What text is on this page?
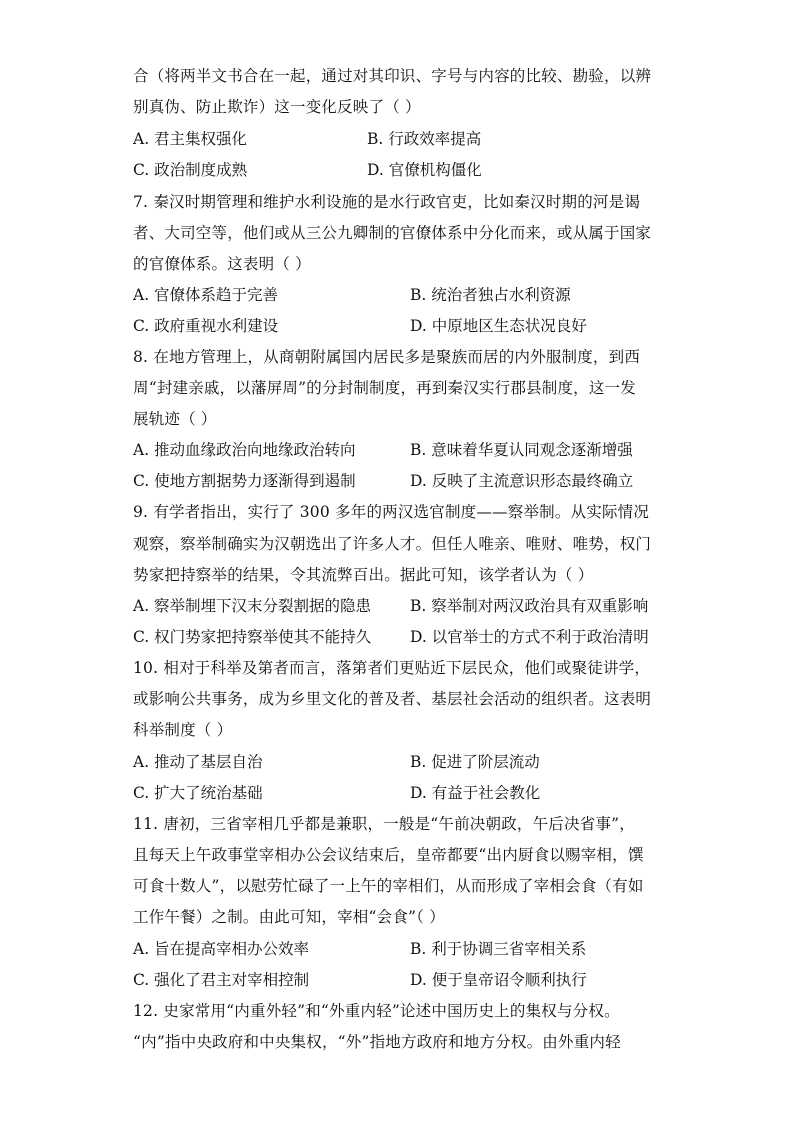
合（将两半文书合在一起，通过对其印识、字号与内容的比较、勘验，以辨
别真伪、防止欺诈）这一变化反映了（ ）
A. 君主集权强化	B. 行政效率提高
C. 政治制度成熟	D. 官僚机构僵化
7. 秦汉时期管理和维护水利设施的是水行政官吏，比如秦汉时期的河是谒
者、大司空等，他们或从三公九卿制的官僚体系中分化而来，或从属于国家
的官僚体系。这表明（ ）
A. 官僚体系趋于完善	B. 统治者独占水利资源
C. 政府重视水利建设	D. 中原地区生态状况良好
8. 在地方管理上，从商朝附属国内居民多是聚族而居的内外服制度，到西
周“封建亲戚，以藩屏周”的分封制制度，再到秦汉实行郡县制度，这一发
展轨迹（ ）
A. 推动血缘政治向地缘政治转向	B. 意味着华夏认同观念逐渐增强
C. 使地方割据势力逐渐得到遏制	D. 反映了主流意识形态最终确立
9. 有学者指出，实行了 300 多年的两汉选官制度——察举制。从实际情况
观察，察举制确实为汉朝选出了许多人才。但任人唯亲、唯财、唯势，权门
势家把持察举的结果，令其流弊百出。据此可知，该学者认为（ ）
A. 察举制埋下汉末分裂割据的隐患	B. 察举制对两汉政治具有双重影响
C. 权门势家把持察举使其不能持久	D. 以官举士的方式不利于政治清明
10. 相对于科举及第者而言，落第者们更贴近下层民众，他们或聚徒讲学，
或影响公共事务，成为乡里文化的普及者、基层社会活动的组织者。这表明
科举制度（ ）
A. 推动了基层自治	B. 促进了阶层流动
C. 扩大了统治基础	D. 有益于社会教化
11. 唐初，三省宰相几乎都是兼职，一般是“午前决朝政，午后决省事”，
且每天上午政事堂宰相办公会议结束后，皇帝都要“出内厨食以赐宰相，馔
可食十数人”，以慰劳忙碌了一上午的宰相们，从而形成了宰相会食（有如
工作午餐）之制。由此可知，宰相“会食”（ ）
A. 旨在提高宰相办公效率	B. 利于协调三省宰相关系
C. 强化了君主对宰相控制	D. 便于皇帝诏令顺利执行
12. 史家常用“内重外轻”和“外重内轻”论述中国历史上的集权与分权。
“内”指中央政府和中央集权，“外”指地方政府和地方分权。由外重内轻
